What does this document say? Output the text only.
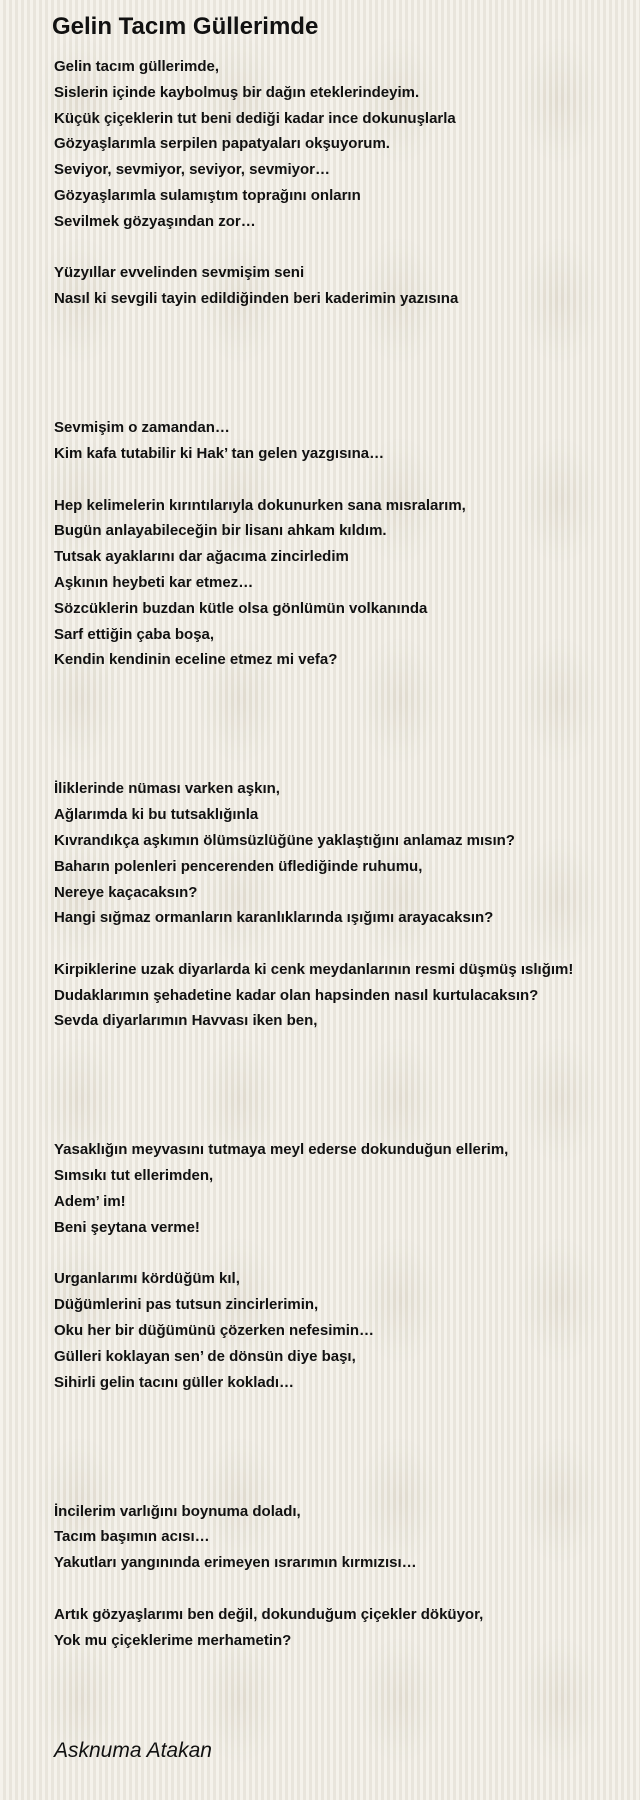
Gelin Tacım Güllerimde
Gelin tacım güllerimde,
Sislerin içinde kaybolmuş bir dağın eteklerindeyim.
Küçük çiçeklerin tut beni dediği kadar ince dokunuşlarla
Gözyaşlarımla serpilen papatyaları okşuyorum.
Seviyor, sevmiyor, seviyor, sevmiyor…
Gözyaşlarımla sulamıştım toprağını onların
Sevilmek gözyaşından zor…
Yüzyıllar evvelinden sevmişim seni
Nasıl ki sevgili tayin edildiğinden beri kaderimin yazısına
Sevmişim o zamandan…
Kim kafa tutabilir ki Hak’ tan gelen yazgısına…
Hep kelimelerin kırıntılarıyla dokunurken sana mısralarım,
Bugün anlayabileceğin bir lisanı ahkam kıldım.
Tutsak ayaklarını dar ağacıma zincirledim
Aşkının heybeti kar etmez…
Sözcüklerin buzdan kütle olsa gönlümün volkanında
Sarf ettiğin çaba boşa,
Kendin kendinin eceline etmez mi vefa?
İliklerinde nüması varken aşkın,
Ağlarımda ki bu tutsaklığınla
Kıvrandıkça aşkımın ölümsüzlüğüne yaklaştığını anlamaz mısın?
Baharın polenleri pencerenden üflediğinde ruhumu,
Nereye kaçacaksın?
Hangi sığmaz ormanların karanlıklarında ışığımı arayacaksın?
Kirpiklerine uzak diyarlarda ki cenk meydanlarının resmi düşmüş ıslığım!
Dudaklarımın şehadetine kadar olan hapsinden nasıl kurtulacaksın?
Sevda diyarlarımın Havvası iken ben,
Yasaklığın meyvasını tutmaya meyl ederse dokunduğun ellerim,
Sımsıkı tut ellerimden,
Adem’ im!
Beni şeytana verme!
Urganlarımı kördüğüm kıl,
Düğümlerini pas tutsun zincirlerimin,
Oku her bir düğümünü çözerken nefesimin…
Gülleri koklayan sen’ de dönsün diye başı,
Sihirli gelin tacını güller kokladı…
İncilerim varlığını boynuma doladı,
Tacım başımın acısı…
Yakutları yangınında erimeyen ısrarımın kırmızısı…
Artık gözyaşlarımı ben değil, dokunduğum çiçekler döküyor,
Yok mu çiçeklerime merhametin?
Asknuma Atakan
